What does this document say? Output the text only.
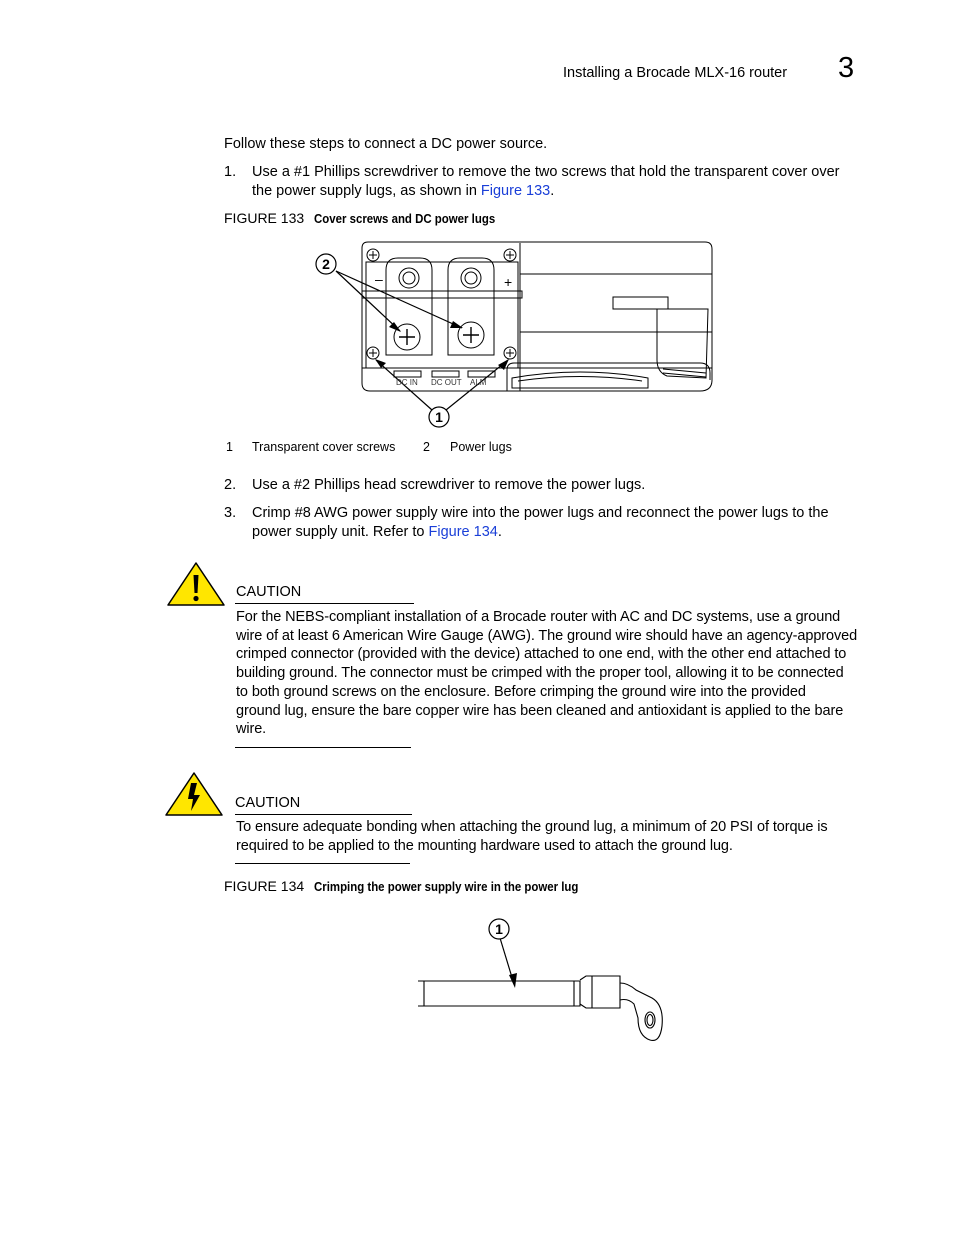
Installing a Brocade MLX-16 router 3
Follow these steps to connect a DC power source.
1.	Use a #1 Phillips screwdriver to remove the two screws that hold the transparent cover over
the power supply lugs, as shown in Figure 133.
FIGURE 133 Cover screws and DC power lugs
2
1
–	+
DC IN DC OUT ALM
1 Transparent cover screws 2 Power lugs
2.	Use a #2 Phillips head screwdriver to remove the power lugs.
3.	Crimp #8 AWG power supply wire into the power lugs and reconnect the power lugs to the
power supply unit. Refer to Figure 134.
CAUTION
For the NEBS-compliant installation of a Brocade router with AC and DC systems, use a ground
wire of at least 6 American Wire Gauge (AWG). The ground wire should have an agency-approved
crimped connector (provided with the device) attached to one end, with the other end attached to
building ground. The connector must be crimped with the proper tool, allowing it to be connected
to both ground screws on the enclosure. Before crimping the ground wire into the provided
ground lug, ensure the bare copper wire has been cleaned and antioxidant is applied to the bare
wire.
CAUTION
To ensure adequate bonding when attaching the ground lug, a minimum of 20 PSI of torque is
required to be applied to the mounting hardware used to attach the ground lug.
FIGURE 134 Crimping the power supply wire in the power lug
1
